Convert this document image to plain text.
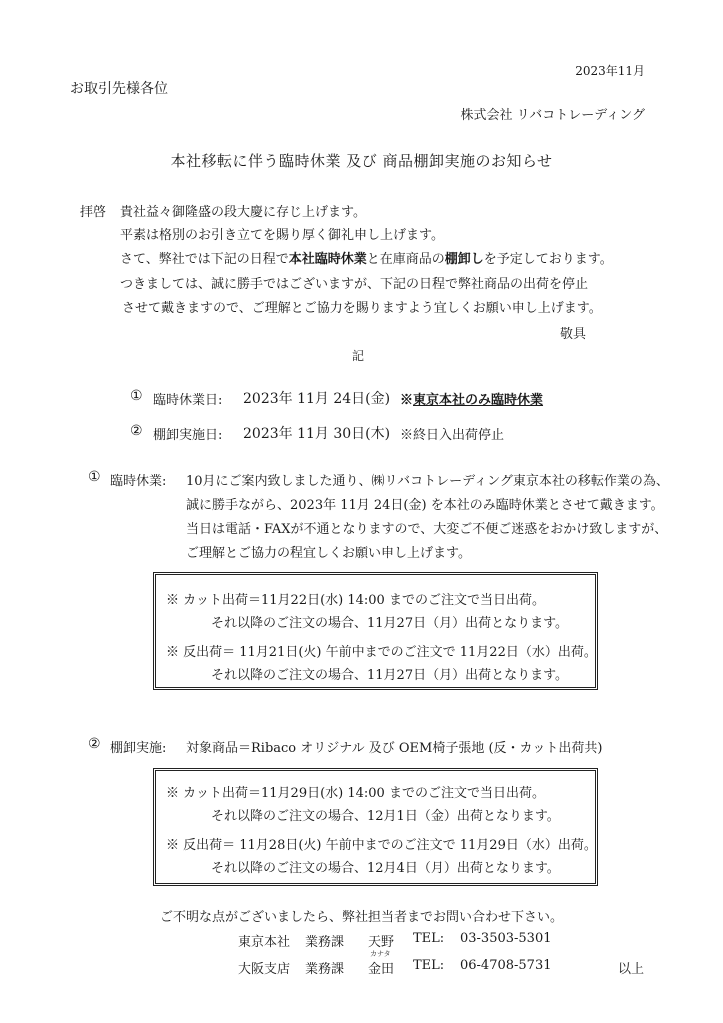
2023年11月
お取引先様各位
株式会社 リバコトレーディング
本社移転に伴う臨時休業 及び 商品棚卸実施のお知らせ
拝啓 貴社益々御隆盛の段大慶に存じ上げます。
平素は格別のお引き立てを賜り厚く御礼申し上げます。
さて、弊社では下記の日程で本社臨時休業と在庫商品の棚卸しを予定しております。
つきましては、誠に勝手ではございますが、下記の日程で弊社商品の出荷を停止
させて戴きますので、ご理解とご協力を賜りますよう宜しくお願い申し上げます。
敬具
記
① 臨時休業日: 2023年 11月 24日(金) ※東京本社のみ臨時休業
② 棚卸実施日: 2023年 11月 30日(木) ※終日入出荷停止
① 臨時休業: 10月にご案内致しました通り、㈱リバコトレーディング東京本社の移転作業の為、
誠に勝手ながら、2023年 11月 24日(金) を本社のみ臨時休業とさせて戴きます。
当日は電話・FAXが不通となりますので、大変ご不便ご迷惑をおかけ致しますが、
ご理解とご協力の程宜しくお願い申し上げます。
※ カット出荷＝11月22日(水) 14:00 までのご注文で当日出荷。
それ以降のご注文の場合、11月27日（月）出荷となります。
※ 反出荷＝ 11月21日(火) 午前中までのご注文で 11月22日（水）出荷。
それ以降のご注文の場合、11月27日（月）出荷となります。
② 棚卸実施: 対象商品＝Ribaco オリジナル 及び OEM椅子張地 (反・カット出荷共)
※ カット出荷＝11月29日(水) 14:00 までのご注文で当日出荷。
それ以降のご注文の場合、12月1日（金）出荷となります。
※ 反出荷＝ 11月28日(火) 午前中までのご注文で 11月29日（水）出荷。
それ以降のご注文の場合、12月4日（月）出荷となります。
ご不明な点がございましたら、弊社担当者までお問い合わせ下さい。
東京本社 業務課 天野 TEL: 03-3503-5301
カナタ
大阪支店 業務課 金田 TEL: 06-4708-5731	以上
